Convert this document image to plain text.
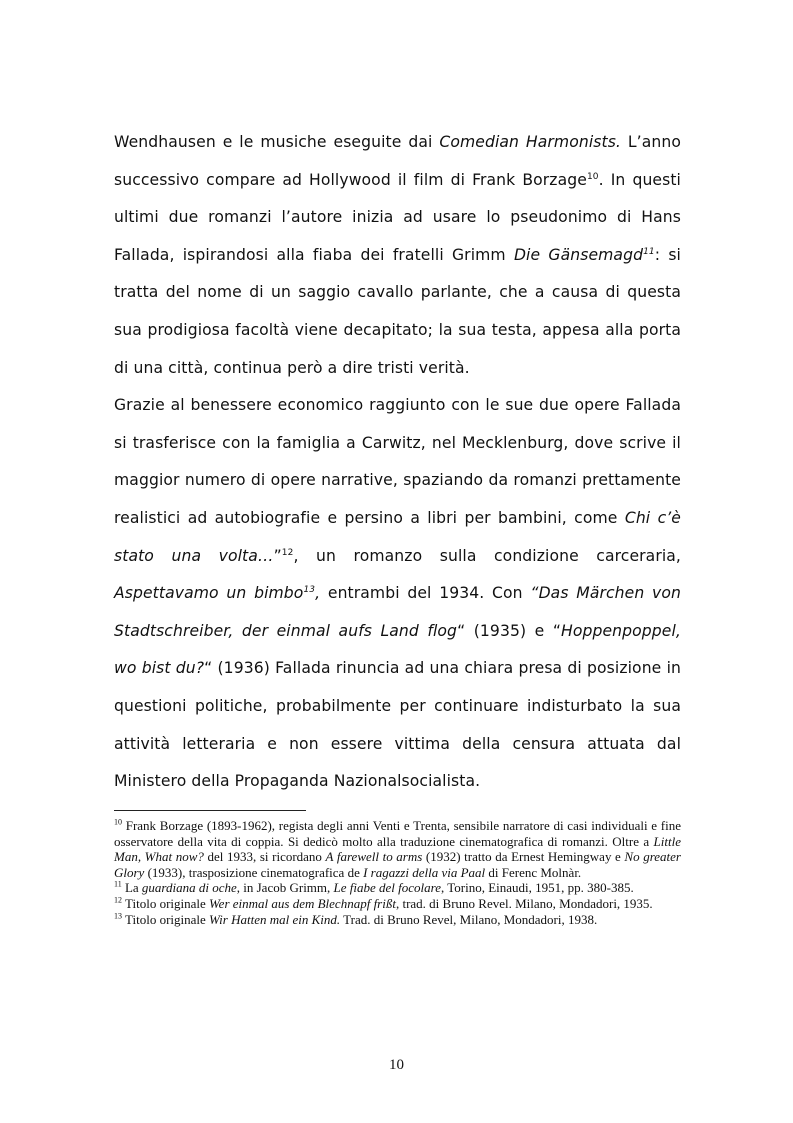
Wendhausen e le musiche eseguite dai Comedian Harmonists. L’anno successivo compare ad Hollywood il film di Frank Borzage$^{10}$. In questi ultimi due romanzi l’autore inizia ad usare lo pseudonimo di Hans Fallada, ispirandosi alla fiaba dei fratelli Grimm Die Gänsemagd$^{11}$: si tratta del nome di un saggio cavallo parlante, che a causa di questa sua prodigiosa facoltà viene decapitato; la sua testa, appesa alla porta di una città, continua però a dire tristi verità.

Grazie al benessere economico raggiunto con le sue due opere Fallada si trasferisce con la famiglia a Carwitz, nel Mecklenburg, dove scrive il maggior numero di opere narrative, spaziando da romanzi prettamente realistici ad autobiografie e persino a libri per bambini, come Chi c’è stato una volta…”$^{12}$, un romanzo sulla condizione carceraria, Aspettavamo un bimbo$^{13}$, entrambi del 1934. Con “Das Märchen von Stadtschreiber, der einmal aufs Land flog“ (1935) e “Hoppenpoppel, wo bist du?“ (1936) Fallada rinuncia ad una chiara presa di posizione in questioni politiche, probabilmente per continuare indisturbato la sua attività letteraria e non essere vittima della censura attuata dal Ministero della Propaganda Nazionalsocialista.

$^{10}$ Frank Borzage (1893-1962), regista degli anni Venti e Trenta, sensibile narratore di casi individuali e fine osservatore della vita di coppia. Si dedicò molto alla traduzione cinematografica di romanzi. Oltre a Little Man, What now? del 1933, si ricordano A farewell to arms (1932) tratto da Ernest Hemingway e No greater Glory (1933), trasposizione cinematografica de I ragazzi della via Paal di Ferenc Molnàr.

$^{11}$ La guardiana di oche, in Jacob Grimm, Le fiabe del focolare, Torino, Einaudi, 1951, pp. 380-385.

$^{12}$ Titolo originale Wer einmal aus dem Blechnapf frißt, trad. di Bruno Revel. Milano, Mondadori, 1935.

$^{13}$ Titolo originale Wir Hatten mal ein Kind. Trad. di Bruno Revel, Milano, Mondadori, 1938.

10
